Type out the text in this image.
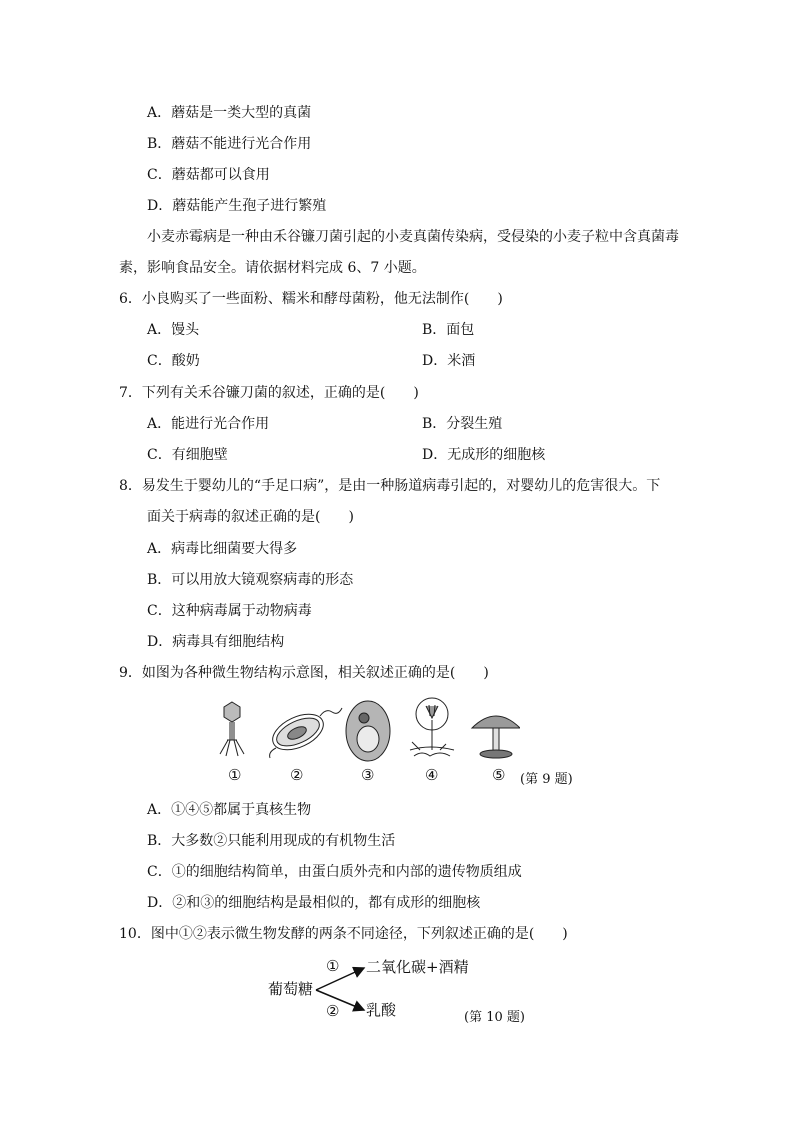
A．蘑菇是一类大型的真菌
B．蘑菇不能进行光合作用
C．蘑菇都可以食用
D．蘑菇能产生孢子进行繁殖
小麦赤霉病是一种由禾谷镰刀菌引起的小麦真菌传染病，受侵染的小麦子粒中含真菌毒
素，影响食品安全。请依据材料完成 6、7 小题。
6．小良购买了一些面粉、糯米和酵母菌粉，他无法制作(　　)
A．馒头	B．面包
C．酸奶	D．米酒
7．下列有关禾谷镰刀菌的叙述，正确的是(　　)
A．能进行光合作用	B．分裂生殖
C．有细胞壁	D．无成形的细胞核
8．易发生于婴幼儿的“手足口病”，是由一种肠道病毒引起的，对婴幼儿的危害很大。下
面关于病毒的叙述正确的是(　　)
A．病毒比细菌要大得多
B．可以用放大镜观察病毒的形态
C．这种病毒属于动物病毒
D．病毒具有细胞结构
9．如图为各种微生物结构示意图，相关叙述正确的是(　　)
①	②	③	④	⑤ (第 9 题)
A．①④⑤都属于真核生物
B．大多数②只能利用现成的有机物生活
C．①的细胞结构简单，由蛋白质外壳和内部的遗传物质组成
D．②和③的细胞结构是最相似的，都有成形的细胞核
10．图中①②表示微生物发酵的两条不同途径，下列叙述正确的是(　　)
葡萄糖
① 二氧化碳+酒精
② 乳酸	(第 10 题)
